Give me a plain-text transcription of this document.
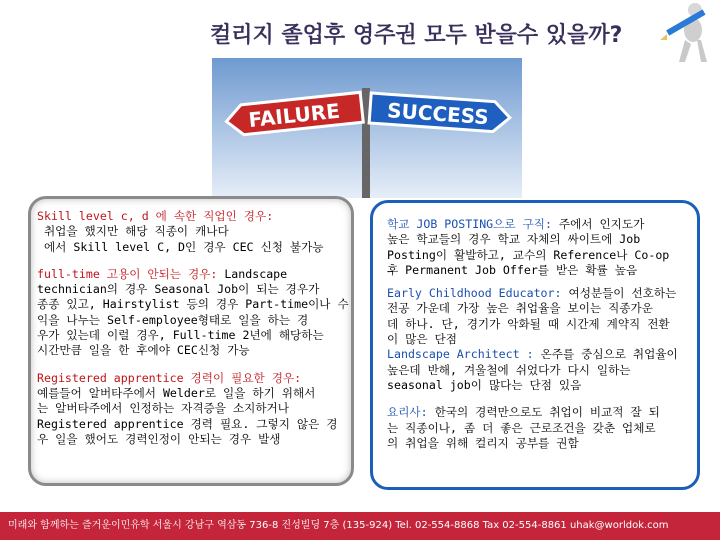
컬리지 졸업후 영주권 모두 받을수 있을까?
FAILURE SUCCESS
Skill level c, d 에 속한 직업인 경우:
취업을 했지만 해당 직종이 캐나다
에서 Skill level C, D인 경우 CEC 신청 불가능
full-time 고용이 안되는 경우: Landscape
technician의 경우 Seasonal Job이 되는 경우가
종종 있고, Hairstylist 등의 경우 Part-time이나 수
익을 나누는 Self-employee형태로 일을 하는 경
우가 있는데 이럴 경우, Full-time 2년에 해당하는
시간만큼 일을 한 후에야 CEC신청 가능
Registered apprentice 경력이 필요한 경우:
예를들어 알버타주에서 Welder로 일을 하기 위해서
는 알버타주에서 인정하는 자격증을 소지하거나
Registered apprentice 경력 필요. 그렇지 않은 경
우 일을 했어도 경력인정이 안되는 경우 발생
학교 JOB POSTING으로 구직: 주에서 인지도가
높은 학교들의 경우 학교 자체의 싸이트에 Job
Posting이 활발하고, 교수의 Reference나 Co-op
후 Permanent Job Offer를 받은 확률 높음
Early Childhood Educator: 여성분들이 선호하는
전공 가운데 가장 높은 취업율을 보이는 직종가운
데 하나. 단, 경기가 악화될 때 시간제 계약직 전환
이 많은 단점
Landscape Architect : 온주를 중심으로 취업율이
높은데 반해, 겨울철에 쉬었다가 다시 일하는
seasonal job이 많다는 단점 있음
요리사: 한국의 경력만으로도 취업이 비교적 잘 되
는 직종이나, 좀 더 좋은 근로조건을 갖춘 업체로
의 취업을 위해 컬리지 공부를 권함
미래와 함께하는 즐거운이민유학 서울시 강남구 역삼동 736-8 진성빌딩 7층 (135-924) Tel. 02-554-8868 Tax 02-554-8861 uhak@worldok.com
